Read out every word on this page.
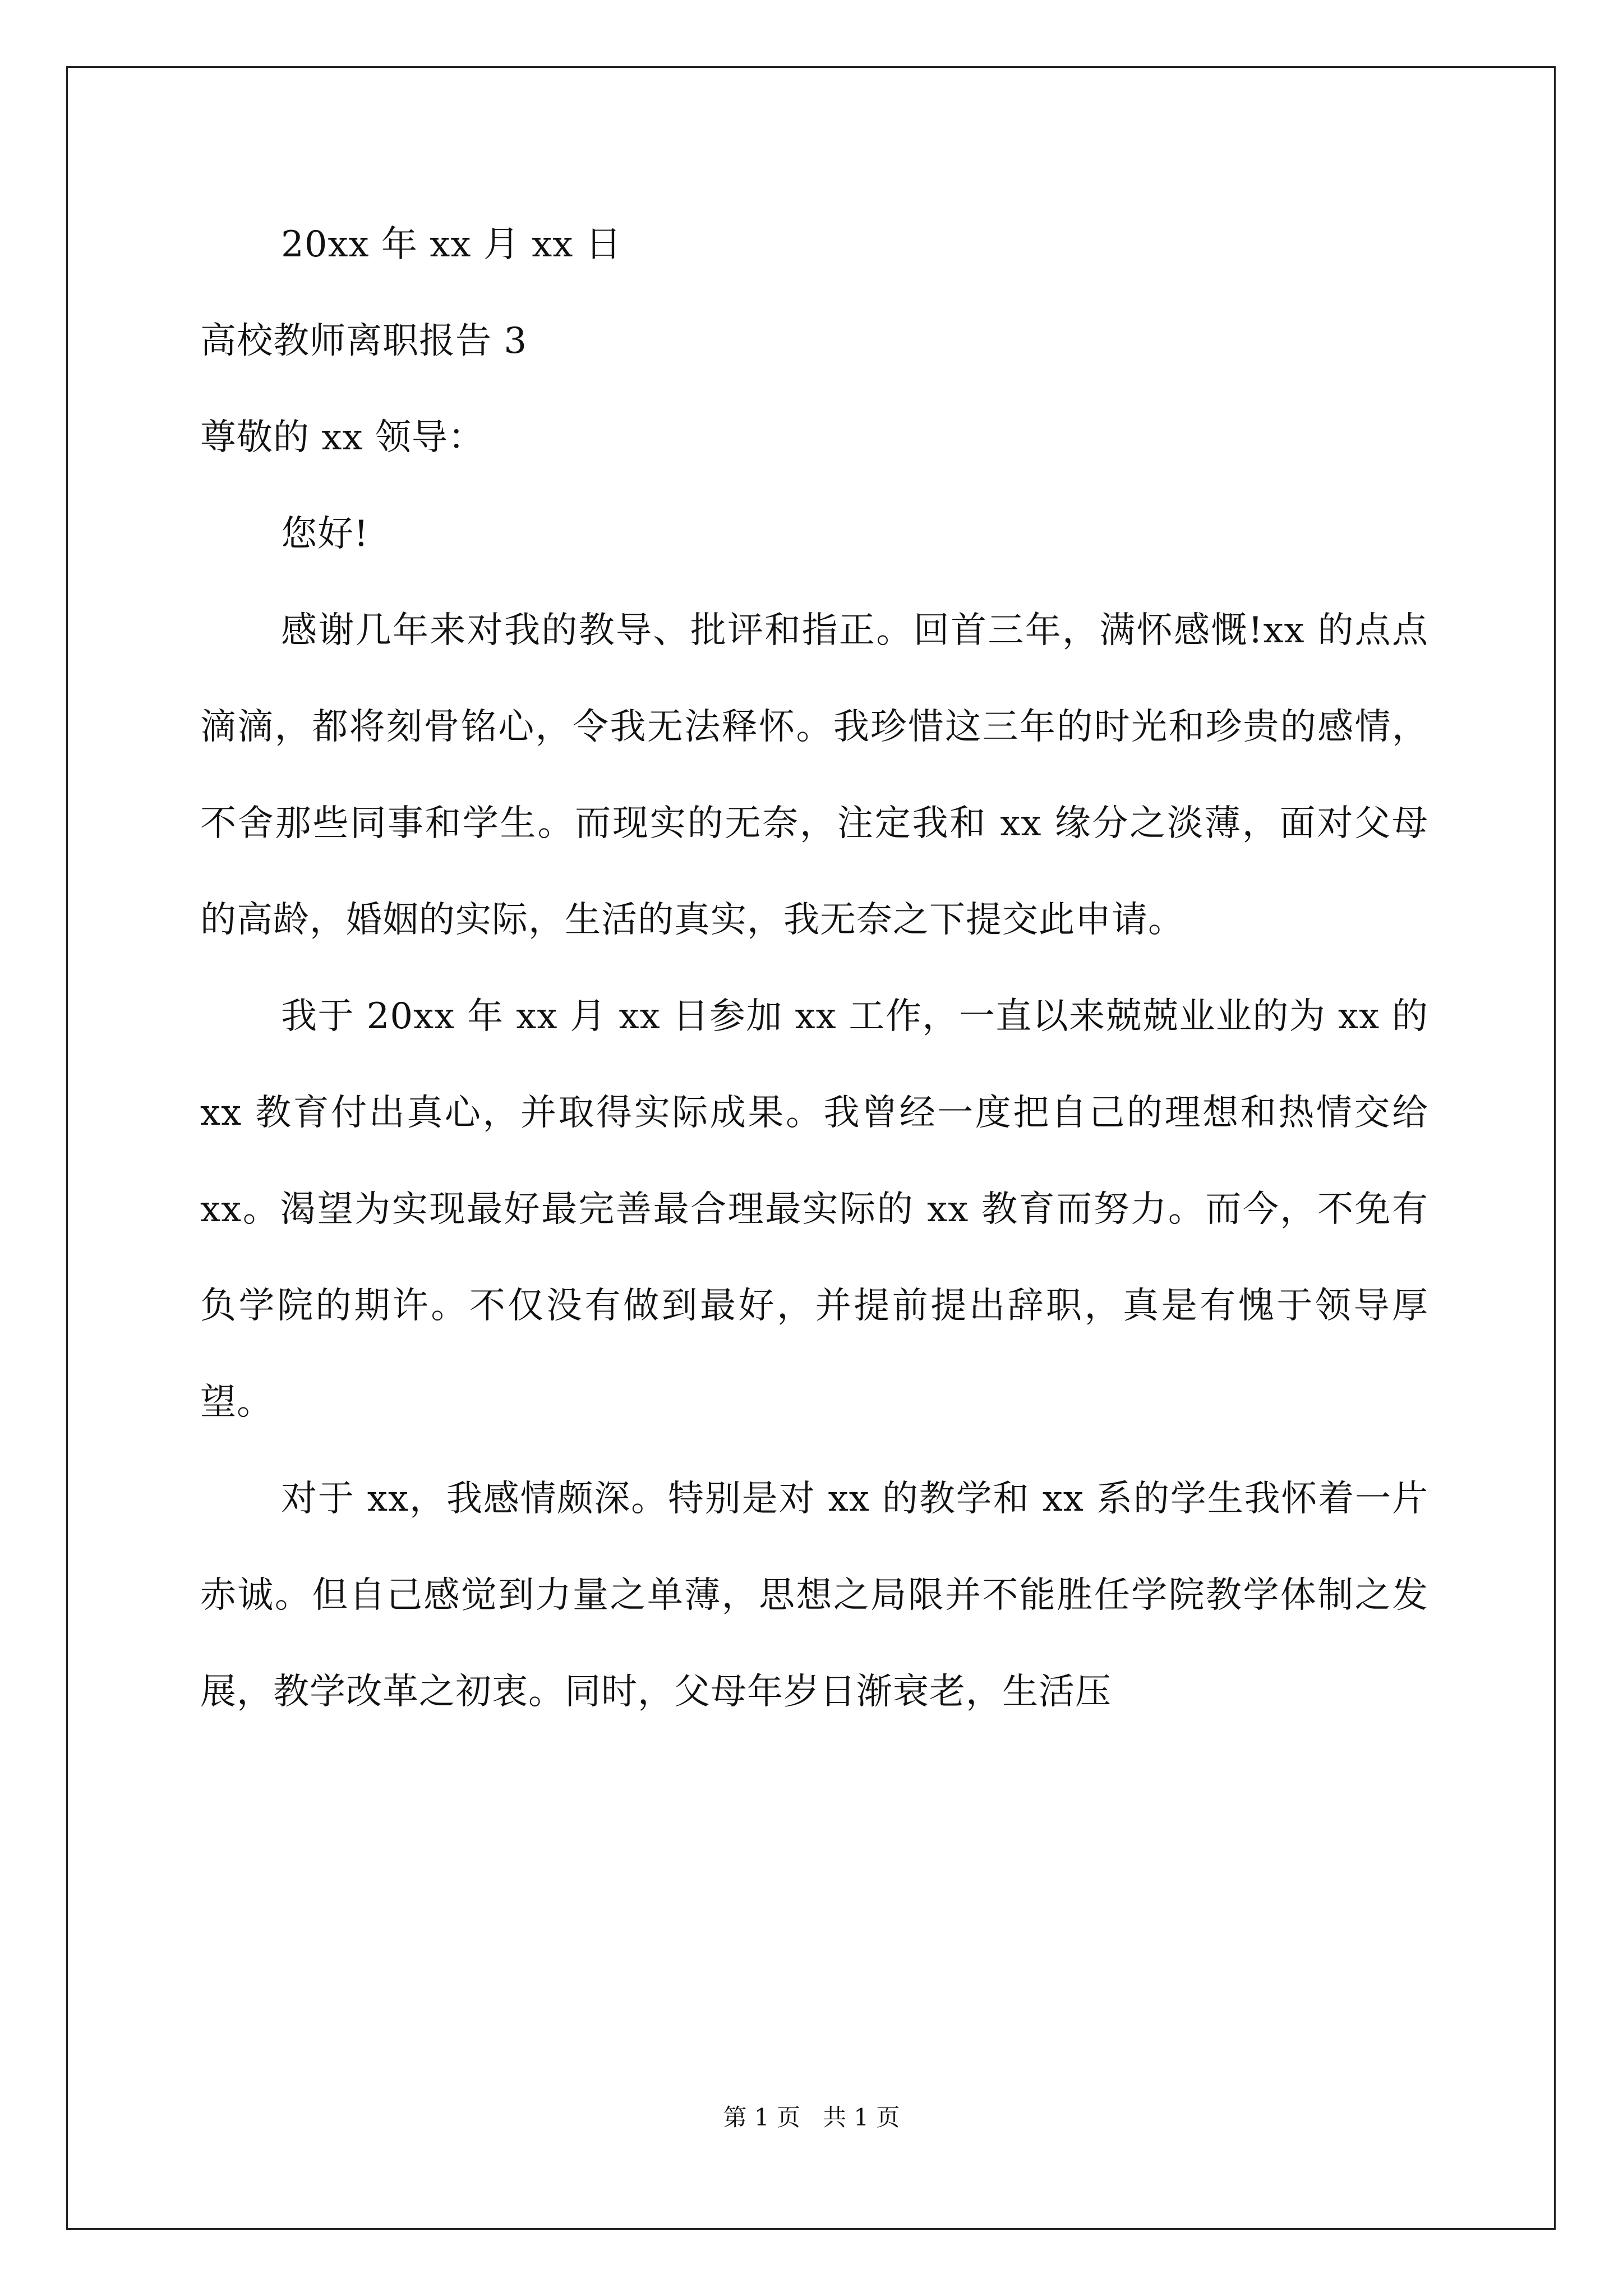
20xx 年 xx 月 xx 日
高校教师离职报告 3
尊敬的 xx 领导：
您好!

感谢几年来对我的教导、批评和指正。回首三年，满怀感慨!xx 的点点滴滴，都将刻骨铭心，令我无法释怀。我珍惜这三年的时光和珍贵的感情，不舍那些同事和学生。而现实的无奈，注定我和 xx 缘分之淡薄，面对父母的高龄，婚姻的实际，生活的真实，我无奈之下提交此申请。

我于 20xx 年 xx 月 xx 日参加 xx 工作，一直以来兢兢业业的为 xx 的 xx 教育付出真心，并取得实际成果。我曾经一度把自己的理想和热情交给 xx。渴望为实现最好最完善最合理最实际的 xx 教育而努力。而今，不免有负学院的期许。不仅没有做到最好，并提前提出辞职，真是有愧于领导厚望。

对于 xx，我感情颇深。特别是对 xx 的教学和 xx 系的学生我怀着一片赤诚。但自己感觉到力量之单薄，思想之局限并不能胜任学院教学体制之发展，教学改革之初衷。同时，父母年岁日渐衰老，生活压

第 1 页 共 1 页
